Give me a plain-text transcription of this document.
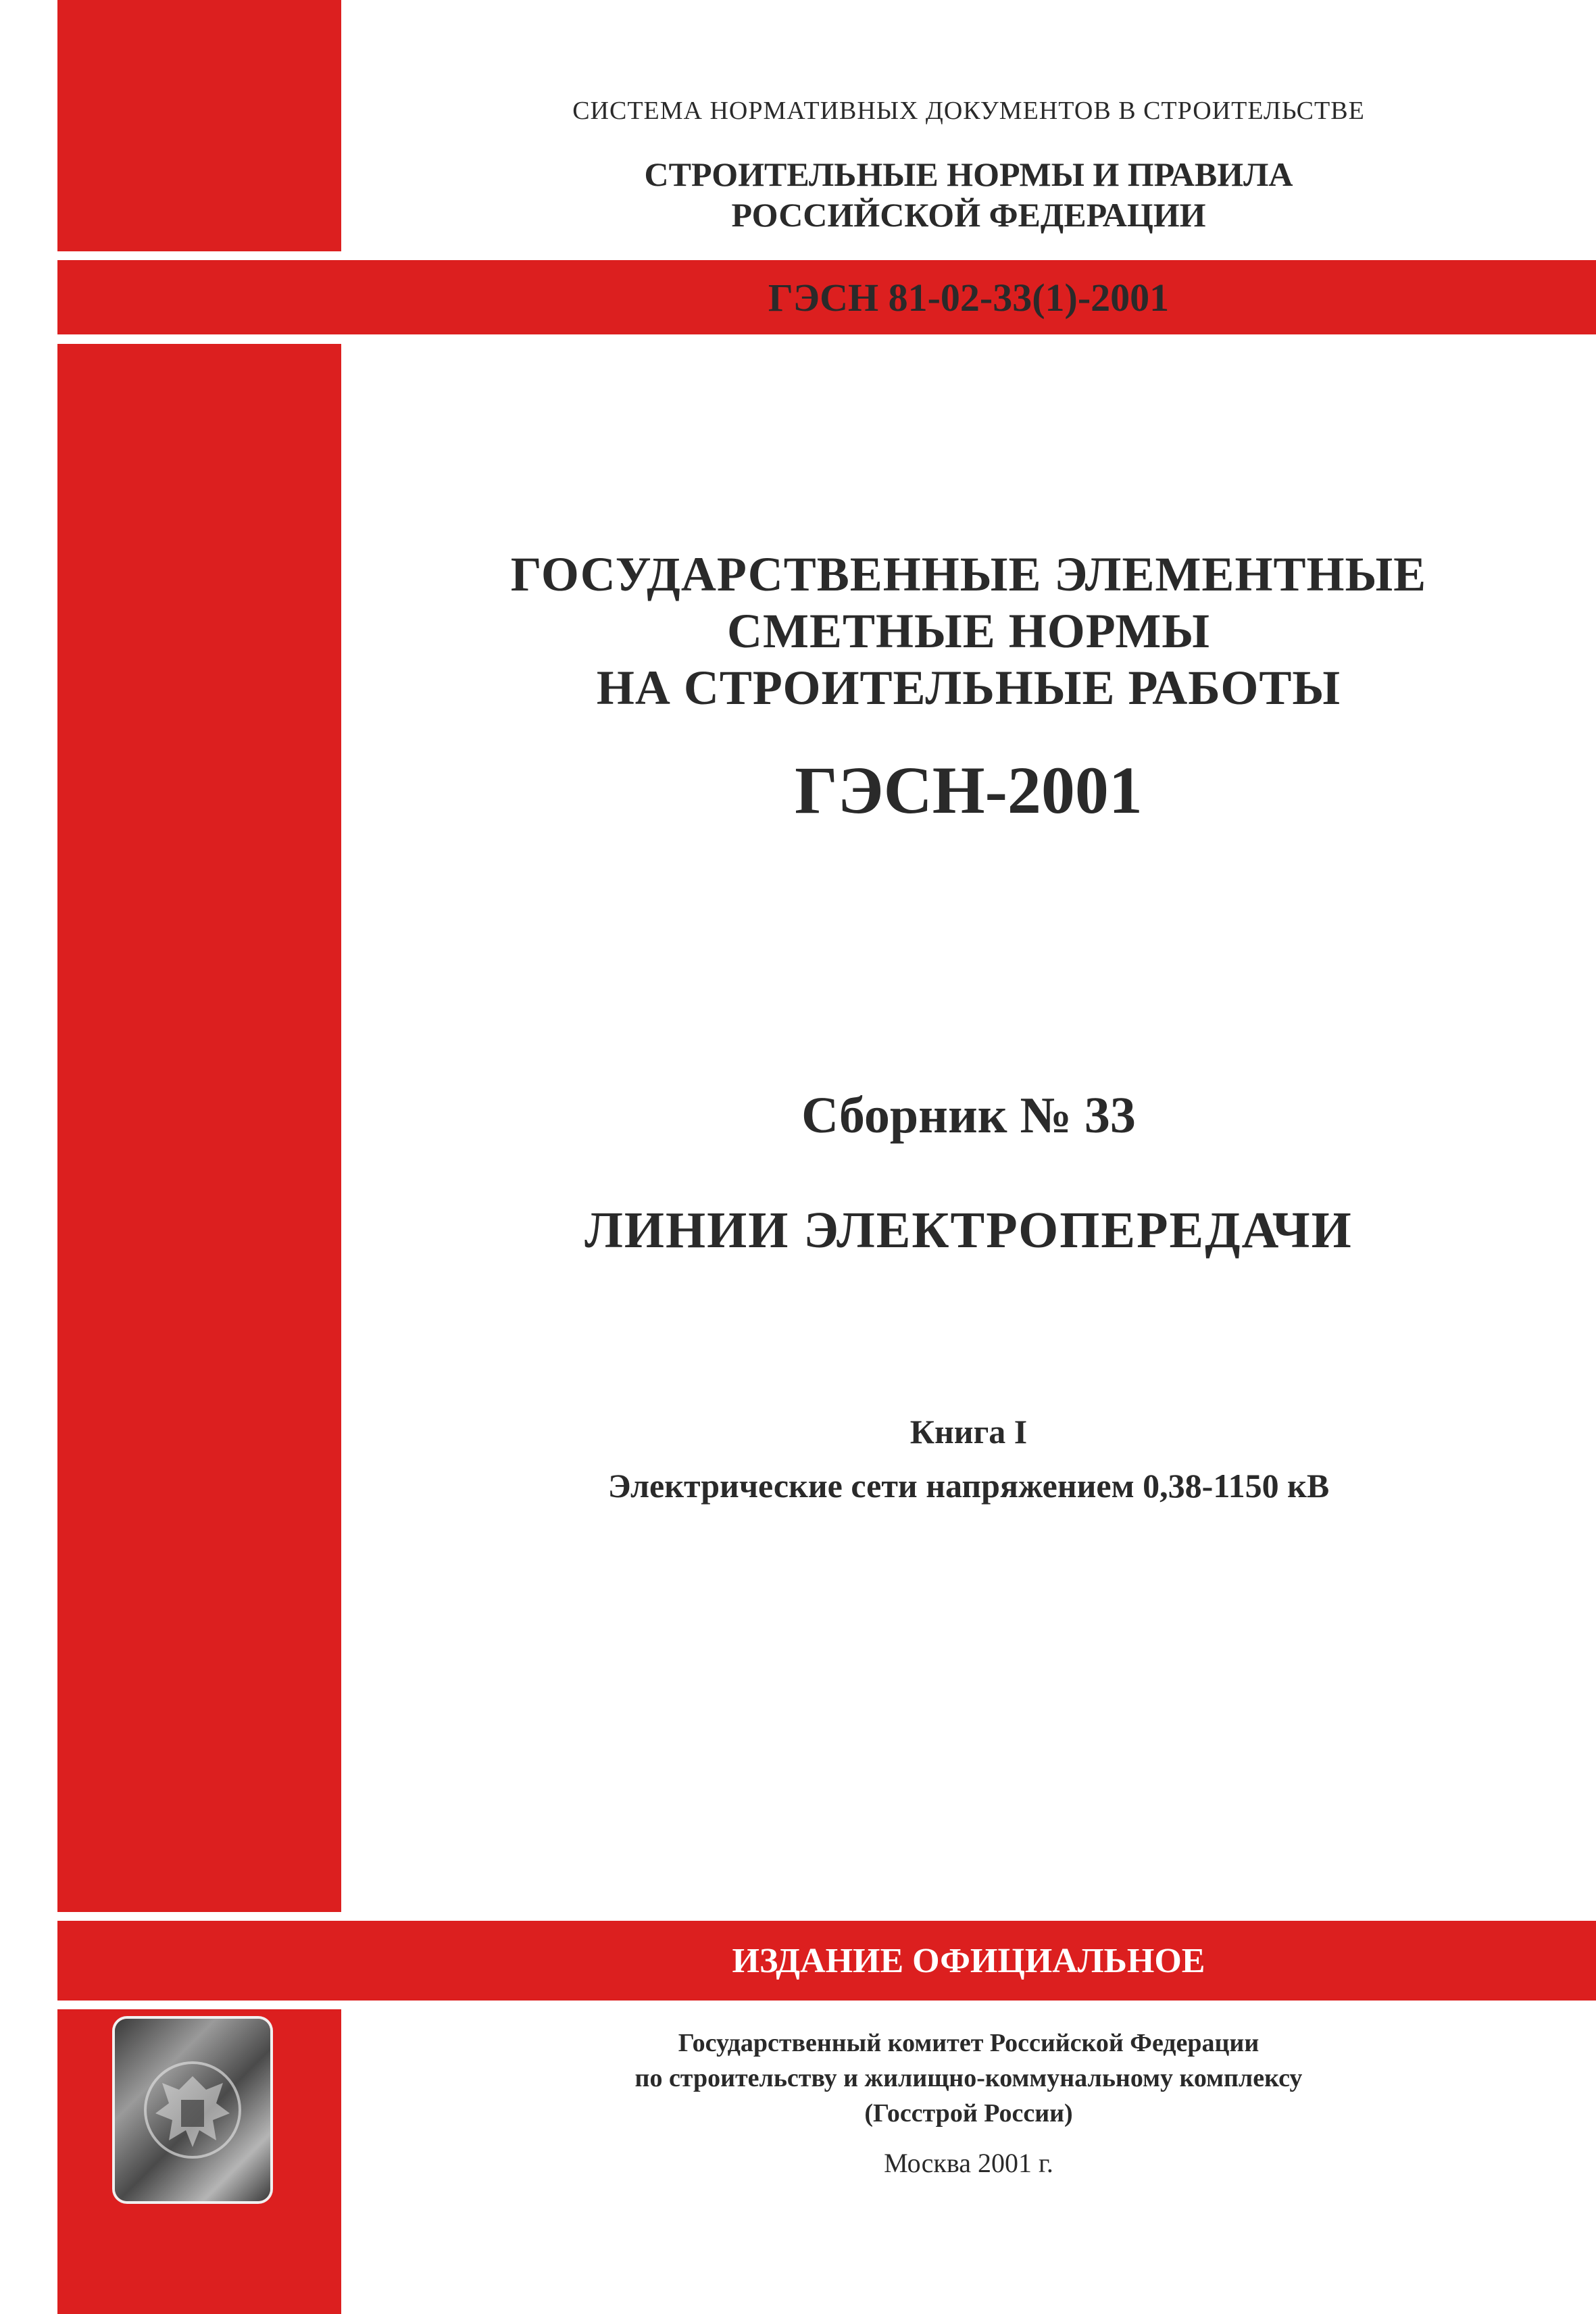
ГЭСН 81-02-33(1)-2001
ИЗДАНИЕ ОФИЦИАЛЬНОЕ
СИСТЕМА НОРМАТИВНЫХ ДОКУМЕНТОВ В СТРОИТЕЛЬСТВЕ
СТРОИТЕЛЬНЫЕ НОРМЫ И ПРАВИЛА
РОССИЙСКОЙ ФЕДЕРАЦИИ
ГОСУДАРСТВЕННЫЕ ЭЛЕМЕНТНЫЕ
СМЕТНЫЕ НОРМЫ
НА СТРОИТЕЛЬНЫЕ РАБОТЫ
ГЭСН-2001
Сборник № 33
ЛИНИИ ЭЛЕКТРОПЕРЕДАЧИ
Книга I
Электрические сети напряжением 0,38-1150 кВ
Государственный комитет Российской Федерации
по строительству и жилищно-коммунальному комплексу
(Госстрой России)
Москва 2001 г.
